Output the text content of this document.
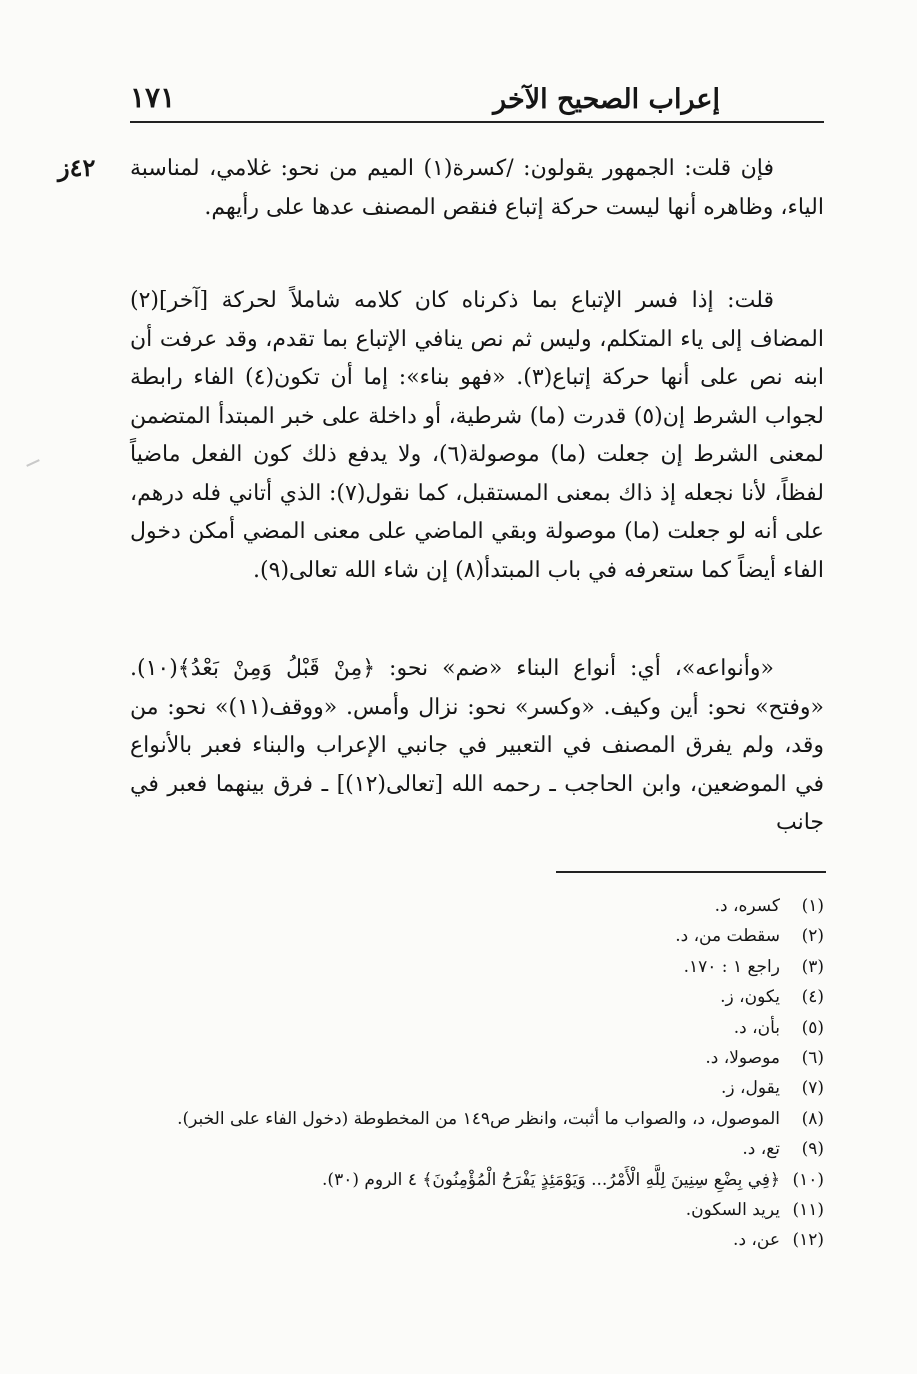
إعراب الصحيح الآخر
١٧١
٤٢ز فإن قلت: الجمهور يقولون: /كسرة(١) الميم من نحو: غلامي، لمناسبة الياء، وظاهره أنها ليست حركة إتباع فنقص المصنف عدها على رأيهم.

قلت: إذا فسر الإتباع بما ذكرناه كان كلامه شاملاً لحركة [آخر](٢) المضاف إلى ياء المتكلم، وليس ثم نص ينافي الإتباع بما تقدم، وقد عرفت أن ابنه نص على أنها حركة إتباع(٣). «فهو بناء»: إما أن تكون(٤) الفاء رابطة لجواب الشرط إن(٥) قدرت (ما) شرطية، أو داخلة على خبر المبتدأ المتضمن لمعنى الشرط إن جعلت (ما) موصولة(٦)، ولا يدفع ذلك كون الفعل ماضياً لفظاً، لأنا نجعله إذ ذاك بمعنى المستقبل، كما نقول(٧): الذي أتاني فله درهم، على أنه لو جعلت (ما) موصولة وبقي الماضي على معنى المضي أمكن دخول الفاء أيضاً كما ستعرفه في باب المبتدأ(٨) إن شاء الله تعالى(٩).

«وأنواعه»، أي: أنواع البناء «ضم» نحو: ﴿مِنْ قَبْلُ وَمِنْ بَعْدُ﴾(١٠). «وفتح» نحو: أين وكيف. «وكسر» نحو: نزال وأمس. «ووقف(١١)» نحو: من وقد، ولم يفرق المصنف في التعبير في جانبي الإعراب والبناء فعبر بالأنواع في الموضعين، وابن الحاجب ـ رحمه الله [تعالى(١٢)] ـ فرق بينهما فعبر في جانب

(١)كسره، د.
(٢)سقطت من، د.
(٣)راجع ١ : ١٧٠.
(٤)يكون، ز.
(٥)بأن، د.
(٦)موصولا، د.
(٧)يقول، ز.
(٨)الموصول، د، والصواب ما أثبت، وانظر ص١٤٩ من المخطوطة (دخول الفاء على الخبر).
(٩)تع، د.
(١٠)﴿فِي بِضْعِ سِنِينَ لِلَّهِ الْأَمْرُ... وَيَوْمَئِذٍ يَفْرَحُ الْمُؤْمِنُونَ﴾ ٤ الروم (٣٠).
(١١)يريد السكون.
(١٢)عن، د.
